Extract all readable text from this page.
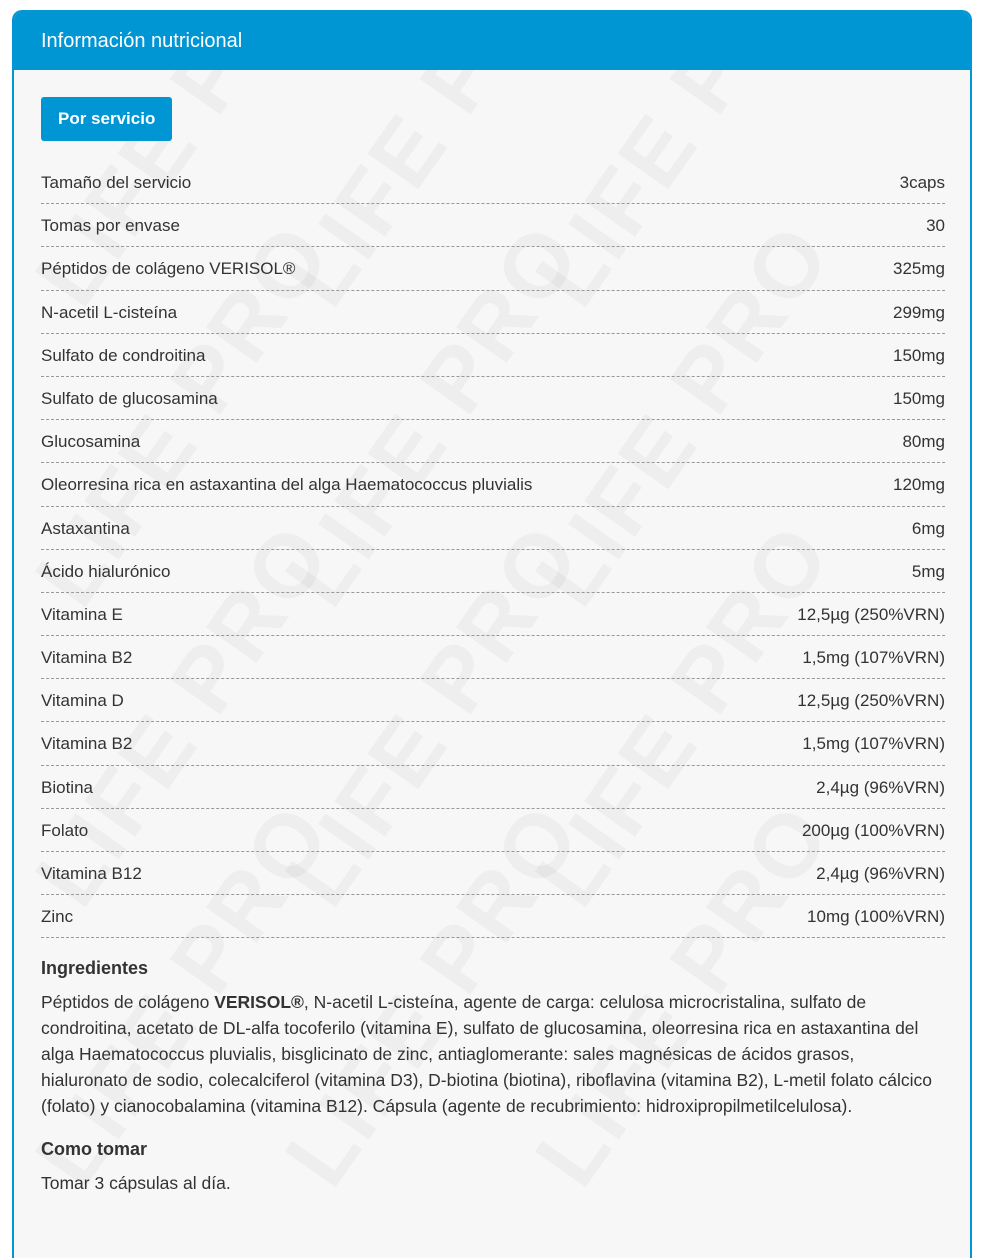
Información nutricional
Por servicio
Tamaño del servicio	3caps
Tomas por envase	30
Péptidos de colágeno VERISOL®	325mg
N-acetil L-cisteína	299mg
Sulfato de condroitina	150mg
Sulfato de glucosamina	150mg
Glucosamina	80mg
Oleorresina rica en astaxantina del alga Haematococcus pluvialis	120mg
Astaxantina	6mg
Ácido hialurónico	5mg
Vitamina E	12,5µg (250%VRN)
Vitamina B2	1,5mg (107%VRN)
Vitamina D	12,5µg (250%VRN)
Vitamina B2	1,5mg (107%VRN)
Biotina	2,4µg (96%VRN)
Folato	200µg (100%VRN)
Vitamina B12	2,4µg (96%VRN)
Zinc	10mg (100%VRN)
Ingredientes

Péptidos de colágeno VERISOL®, N-acetil L-cisteína, agente de carga: celulosa microcristalina, sulfato de condroitina, acetato de DL-alfa tocoferilo (vitamina E), sulfato de glucosamina, oleorresina rica en astaxantina del alga Haematococcus pluvialis, bisglicinato de zinc, antiaglomerante: sales magnésicas de ácidos grasos, hialuronato de sodio, colecalciferol (vitamina D3), D-biotina (biotina), riboflavina (vitamina B2), L-metil folato cálcico (folato) y cianocobalamina (vitamina B12). Cápsula (agente de recubrimiento: hidroxipropilmetilcelulosa).

Como tomar

Tomar 3 cápsulas al día.
